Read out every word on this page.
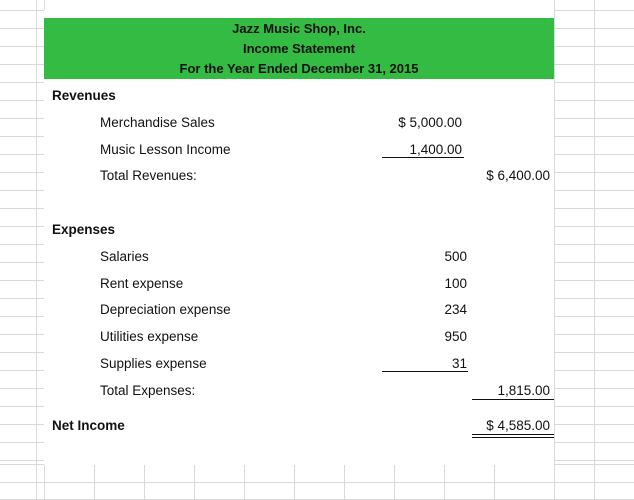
Jazz Music Shop, Inc.
Income Statement
For the Year Ended December 31, 2015
Revenues
Merchandise Sales	$ 5,000.00
Music Lesson Income	1,400.00
Total Revenues:	$ 6,400.00
Expenses
Salaries	500
Rent expense	100
Depreciation expense	234
Utilities expense	950
Supplies expense	31
Total Expenses:	1,815.00
Net Income	$ 4,585.00
